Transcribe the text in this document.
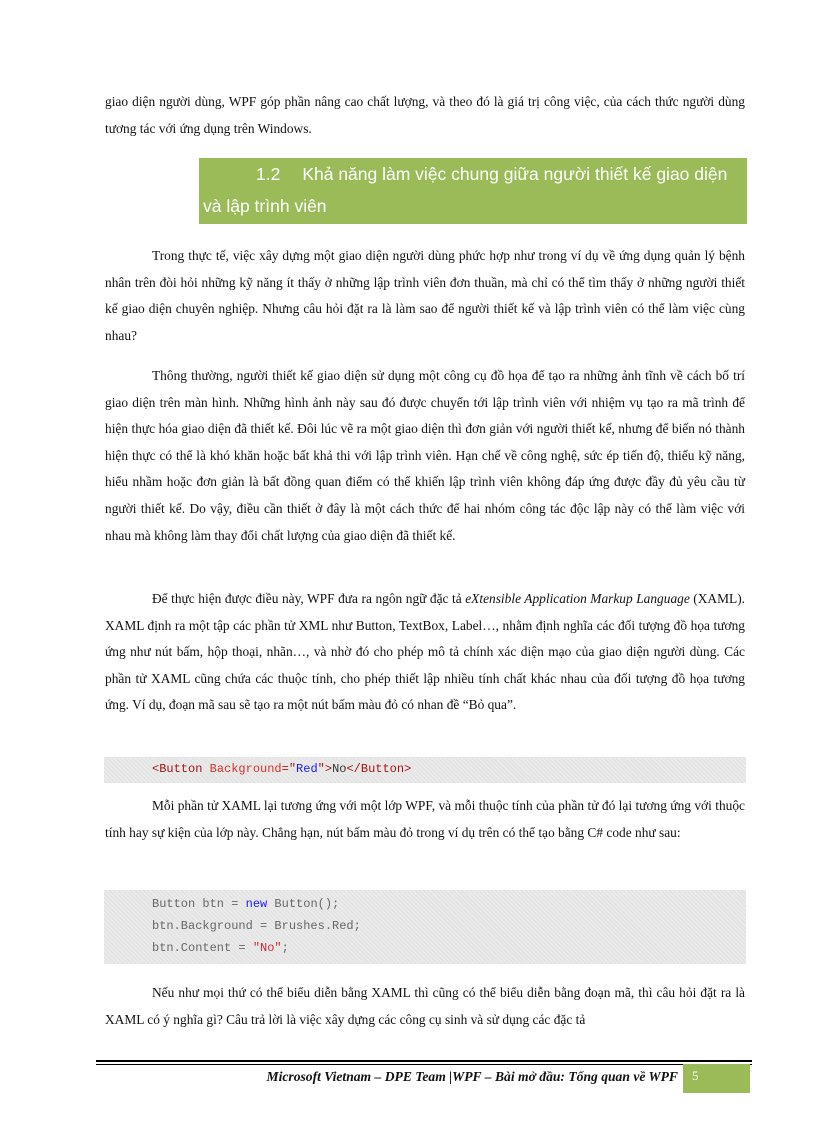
giao diện người dùng, WPF góp phần nâng cao chất lượng, và theo đó là giá trị công việc, của cách thức người dùng tương tác với ứng dụng trên Windows.

1.2 Khả năng làm việc chung giữa người thiết kế giao diện
và lập trình viên

Trong thực tế, việc xây dựng một giao diện người dùng phức hợp như trong ví dụ về ứng dụng quản lý bệnh nhân trên đòi hỏi những kỹ năng ít thấy ở những lập trình viên đơn thuần, mà chỉ có thể tìm thấy ở những người thiết kế giao diện chuyên nghiệp. Nhưng câu hỏi đặt ra là làm sao để người thiết kế và lập trình viên có thể làm việc cùng nhau?

Thông thường, người thiết kế giao diện sử dụng một công cụ đồ họa để tạo ra những ảnh tĩnh về cách bố trí giao diện trên màn hình. Những hình ảnh này sau đó được chuyển tới lập trình viên với nhiệm vụ tạo ra mã trình để hiện thực hóa giao diện đã thiết kế. Đôi lúc vẽ ra một giao diện thì đơn giản với người thiết kế, nhưng để biến nó thành hiện thực có thể là khó khăn hoặc bất khả thi với lập trình viên. Hạn chế về công nghệ, sức ép tiến độ, thiếu kỹ năng, hiểu nhầm hoặc đơn giản là bất đồng quan điểm có thể khiến lập trình viên không đáp ứng được đầy đủ yêu cầu từ người thiết kế. Do vậy, điều cần thiết ở đây là một cách thức để hai nhóm công tác độc lập này có thể làm việc với nhau mà không làm thay đổi chất lượng của giao diện đã thiết kế.

Để thực hiện được điều này, WPF đưa ra ngôn ngữ đặc tả eXtensible Application Markup Language (XAML). XAML định ra một tập các phần tử XML như Button, TextBox, Label…, nhằm định nghĩa các đối tượng đồ họa tương ứng như nút bấm, hộp thoại, nhãn…, và nhờ đó cho phép mô tả chính xác diện mạo của giao diện người dùng. Các phần tử XAML cũng chứa các thuộc tính, cho phép thiết lập nhiều tính chất khác nhau của đối tượng đồ họa tương ứng. Ví dụ, đoạn mã sau sẽ tạo ra một nút bấm màu đỏ có nhan đề “Bỏ qua”.

<Button Background="Red">No</Button>

Mỗi phần tử XAML lại tương ứng với một lớp WPF, và mỗi thuộc tính của phần tử đó lại tương ứng với thuộc tính hay sự kiện của lớp này. Chẳng hạn, nút bấm màu đỏ trong ví dụ trên có thể tạo bằng C# code như sau:

Button btn = new Button();
btn.Background = Brushes.Red;
btn.Content = "No";

Nếu như mọi thứ có thể biểu diễn bằng XAML thì cũng có thể biểu diễn bằng đoạn mã, thì câu hỏi đặt ra là XAML có ý nghĩa gì? Câu trả lời là việc xây dựng các công cụ sinh và sử dụng các đặc tả

Microsoft Vietnam – DPE Team |WPF – Bài mở đầu: Tổng quan về WPF 5
